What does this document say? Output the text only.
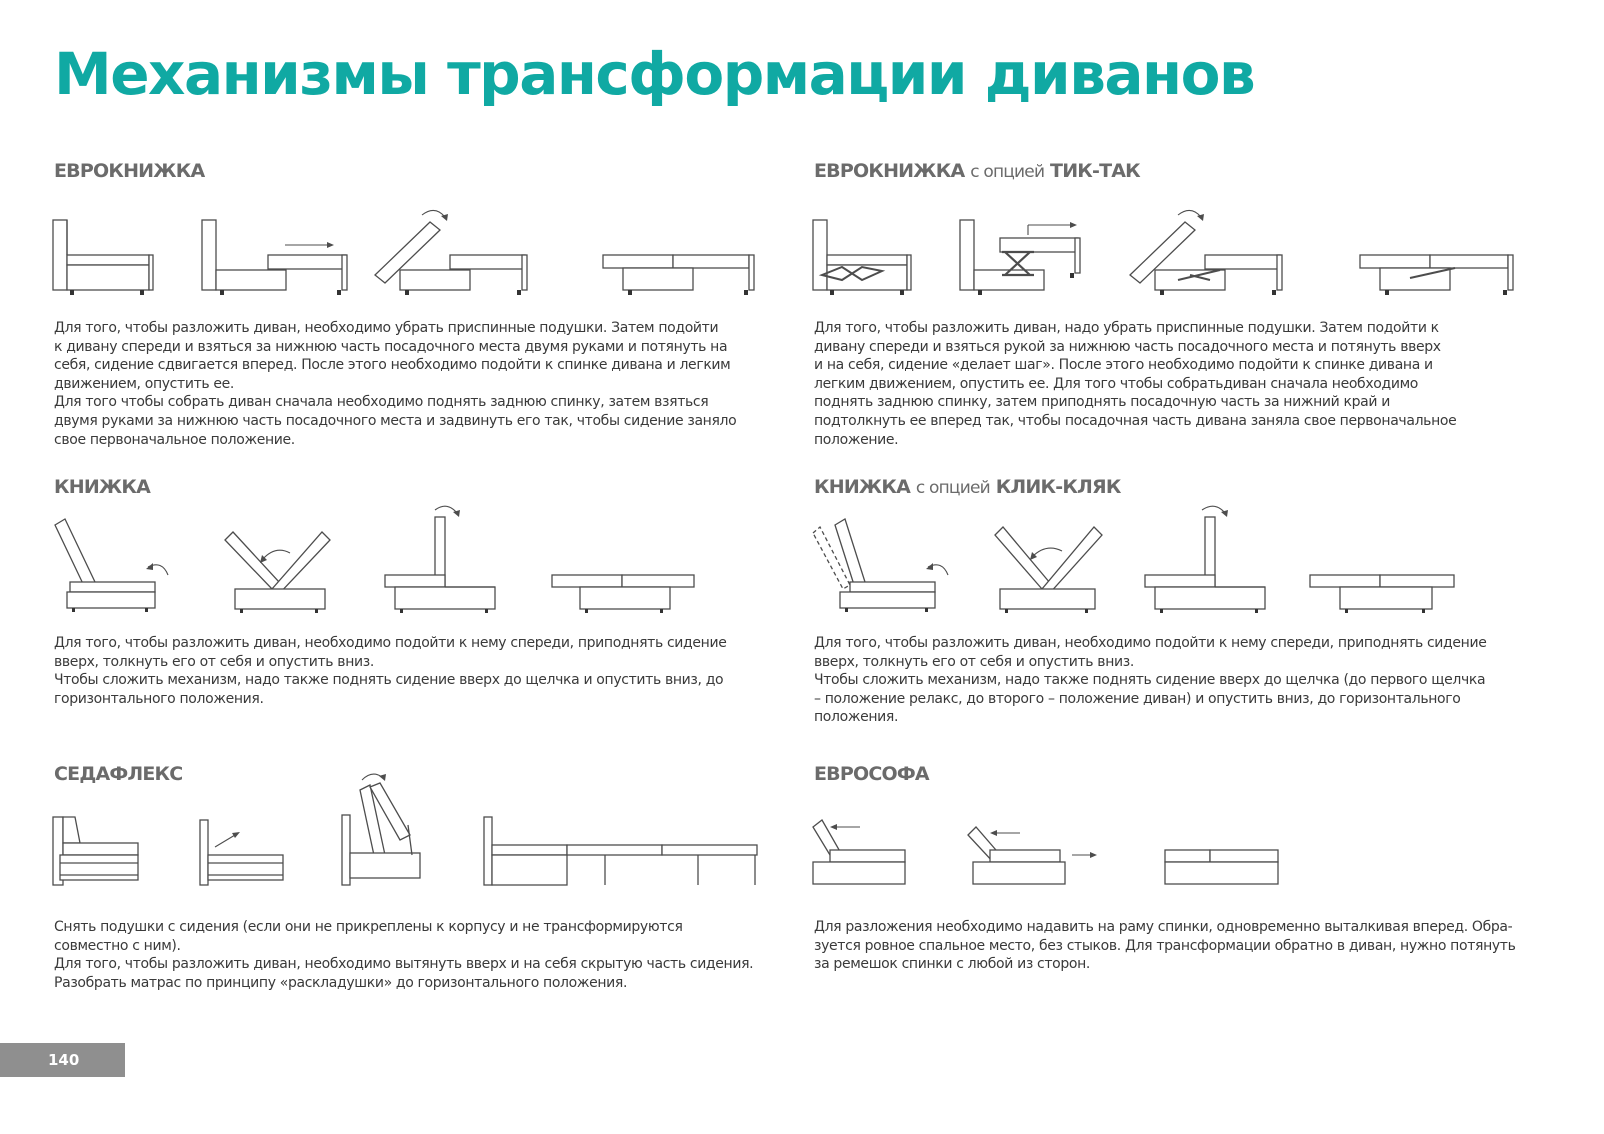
Механизмы трансформации диванов
ЕВРОКНИЖКА

Для того, чтобы разложить диван, необходимо убрать приспинные подушки. Затем подойти

к дивану спереди и взяться за нижнюю часть посадочного места двумя руками и потянуть на

себя, сидение сдвигается вперед. После этого необходимо подойти к спинке дивана и легким

движением, опустить ее.

Для того чтобы собрать диван сначала необходимо поднять заднюю спинку, затем взяться

двумя руками за нижнюю часть посадочного места и задвинуть его так, чтобы сидение заняло

свое первоначальное положение.

ЕВРОКНИЖКА с опцией ТИК-ТАК

Для того, чтобы разложить диван, надо убрать приспинные подушки. Затем подойти к

дивану спереди и взяться рукой за нижнюю часть посадочного места и потянуть вверх

и на себя, сидение «делает шаг». После этого необходимо подойти к спинке дивана и

легким движением, опустить ее. Для того чтобы собратьдиван сначала необходимо

поднять заднюю спинку, затем приподнять посадочную часть за нижний край и

подтолкнуть ее вперед так, чтобы посадочная часть дивана заняла свое первоначальное

положение.

КНИЖКА

Для того, чтобы разложить диван, необходимо подойти к нему спереди, приподнять сидение

вверх, толкнуть его от себя и опустить вниз.

Чтобы сложить механизм, надо также поднять сидение вверх до щелчка и опустить вниз, до

горизонтального положения.

КНИЖКА с опцией КЛИК-КЛЯК

Для того, чтобы разложить диван, необходимо подойти к нему спереди, приподнять сидение

вверх, толкнуть его от себя и опустить вниз.

Чтобы сложить механизм, надо также поднять сидение вверх до щелчка (до первого щелчка

– положение релакс, до второго – положение диван) и опустить вниз, до горизонтального

положения.

СЕДАФЛЕКС

Снять подушки с сидения (если они не прикреплены к корпусу и не трансформируются

совместно с ним).

Для того, чтобы разложить диван, необходимо вытянуть вверх и на себя скрытую часть сидения.

Разобрать матрас по принципу «раскладушки» до горизонтального положения.

ЕВРОСОФА

Для разложения необходимо надавить на раму спинки, одновременно выталкивая вперед. Обра-

зуется ровное спальное место, без стыков. Для трансформации обратно в диван, нужно потянуть

за ремешок спинки с любой из сторон.

140
